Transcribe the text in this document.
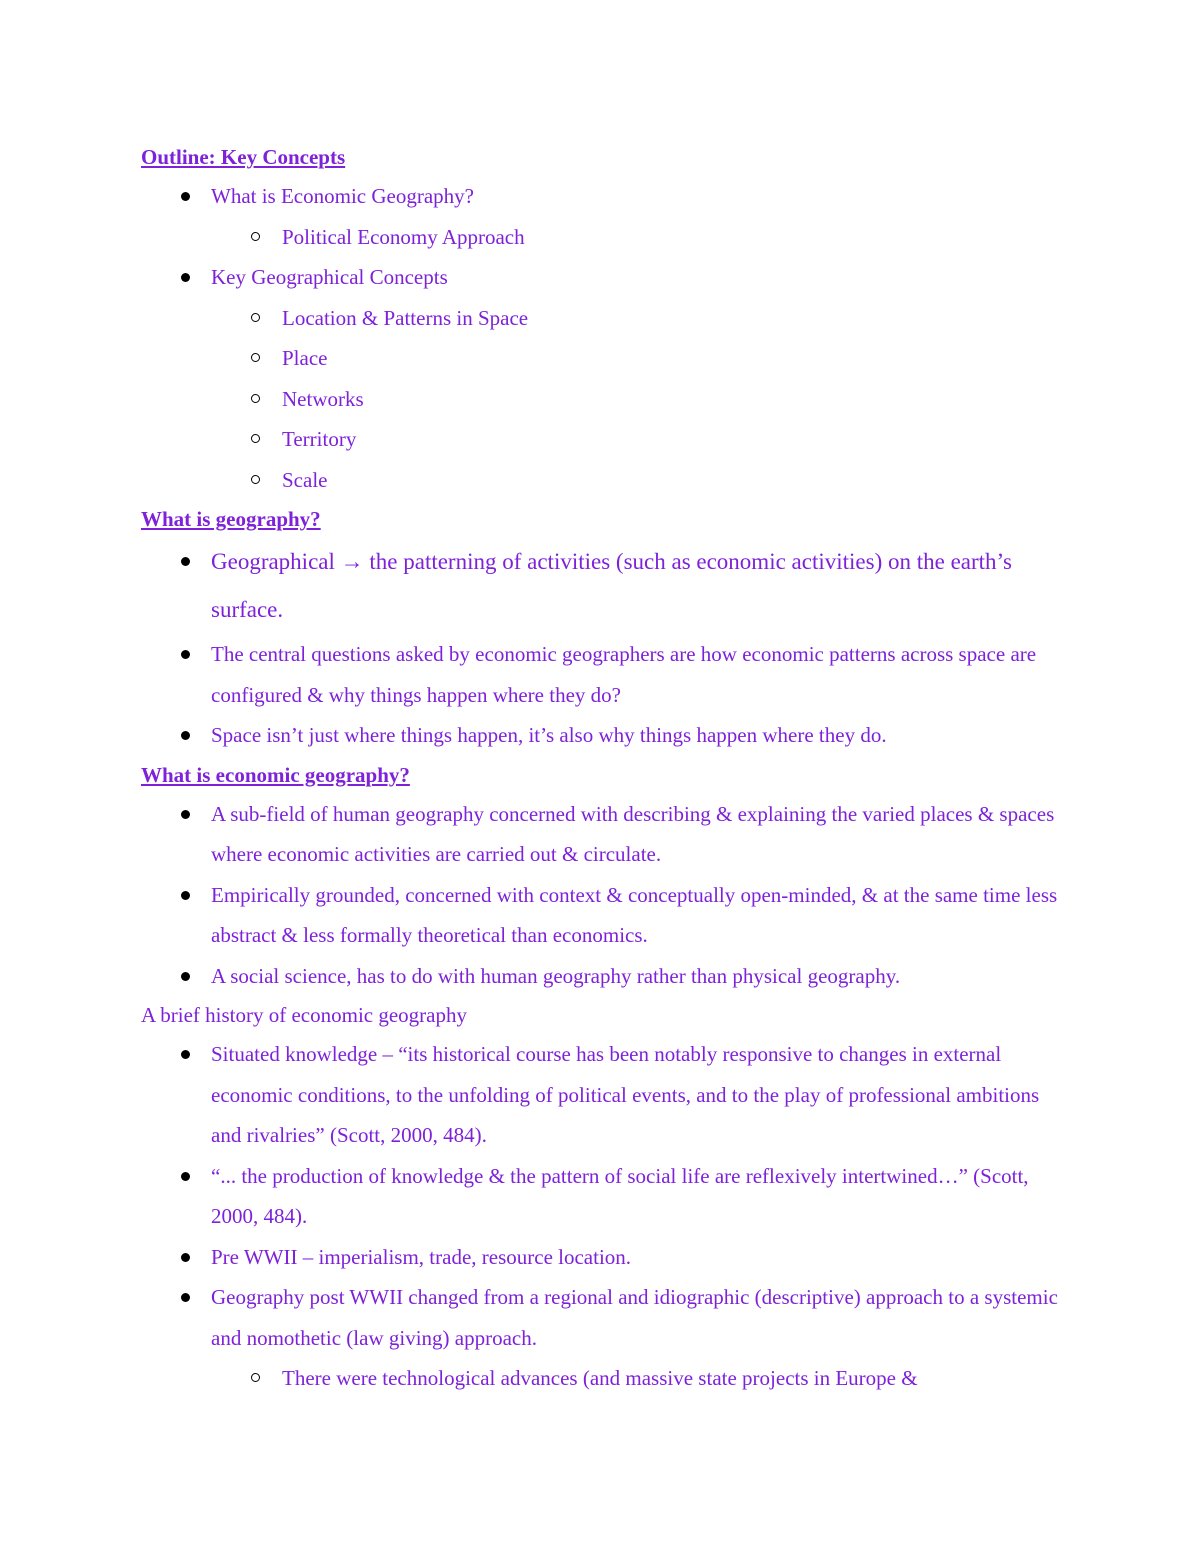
Outline: Key Concepts
What is Economic Geography?
Political Economy Approach
Key Geographical Concepts
Location & Patterns in Space
Place
Networks
Territory
Scale
What is geography?
Geographical → the patterning of activities (such as economic activities) on the earth’s surface.
The central questions asked by economic geographers are how economic patterns across space are configured & why things happen where they do?
Space isn’t just where things happen, it’s also why things happen where they do.
What is economic geography?
A sub-field of human geography concerned with describing & explaining the varied places & spaces where economic activities are carried out & circulate.
Empirically grounded, concerned with context & conceptually open-minded, & at the same time less abstract & less formally theoretical than economics.
A social science, has to do with human geography rather than physical geography.
A brief history of economic geography
Situated knowledge – “its historical course has been notably responsive to changes in external economic conditions, to the unfolding of political events, and to the play of professional ambitions and rivalries” (Scott, 2000, 484).
“... the production of knowledge & the pattern of social life are reflexively intertwined…” (Scott, 2000, 484).
Pre WWII – imperialism, trade, resource location.
Geography post WWII changed from a regional and idiographic (descriptive) approach to a systemic and nomothetic (law giving) approach.
There were technological advances (and massive state projects in Europe &
